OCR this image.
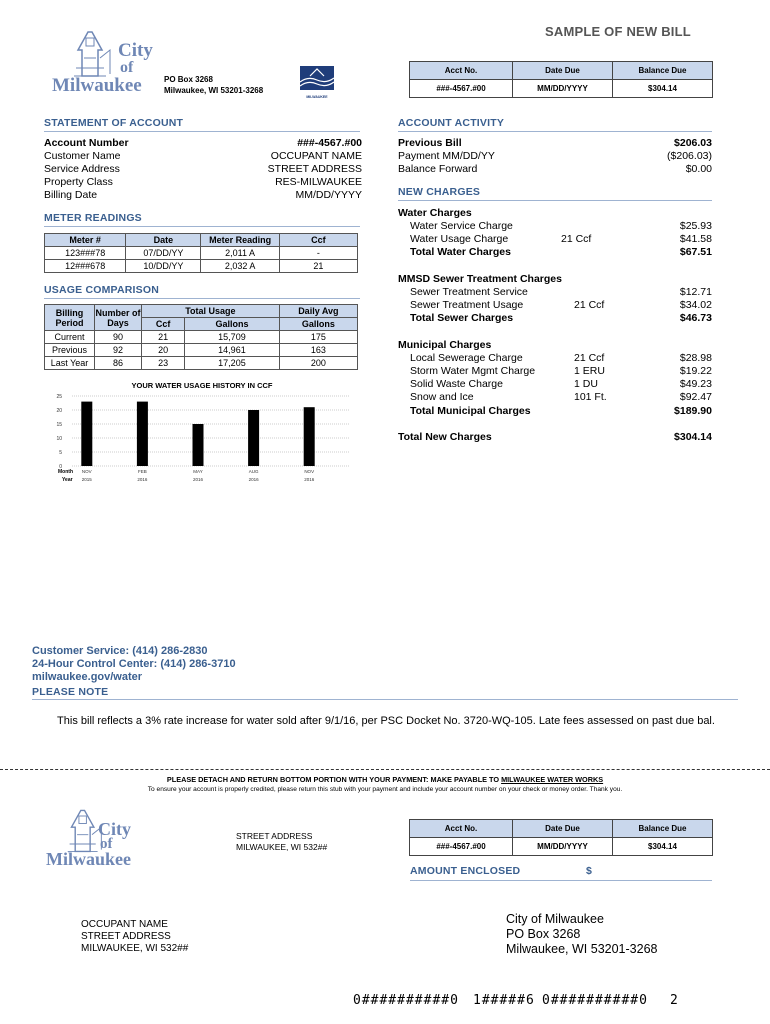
SAMPLE OF NEW BILL
City
of
Milwaukee	PO Box 3268
Milwaukee, WI 53201-3268
MILWAUKEE
Acct No.	Date Due	Balance Due
###-4567.#00	MM/DD/YYYY	$304.14
STATEMENT OF ACCOUNT
Account Number	###-4567.#00
Customer Name	OCCUPANT NAME
Service Address	STREET ADDRESS
Property Class	RES-MILWAUKEE
Billing Date	MM/DD/YYYY
METER READINGS
Meter #	Date	Meter Reading	Ccf
123###78	07/DD/YY	2,011 A	-
12###678	10/DD/YY	2,032 A	21
USAGE COMPARISON
Billing Period	Number of Days	Total Usage		Daily Avg
		Ccf	Gallons	Gallons
Current	90	21	15,709	175
Previous	92	20	14,961	163
Last Year	86	23	17,205	200
YOUR WATER USAGE HISTORY IN CCF
0
5
10
15
20
25
NOV
2015
FEB
2016
MAY
2016
AUG
2016
NOV
2016
Month
Year
ACCOUNT ACTIVITY
Previous Bill	$206.03
Payment MM/DD/YY	($206.03)
Balance Forward	$0.00
NEW CHARGES
Water Charges
Water Service Charge	$25.93
Water Usage Charge	21 Ccf	$41.58
Total Water Charges	$67.51
MMSD Sewer Treatment Charges
Sewer Treatment Service	$12.71
Sewer Treatment Usage	21 Ccf	$34.02
Total Sewer Charges	$46.73
Municipal Charges
Local Sewerage Charge	21 Ccf	$28.98
Storm Water Mgmt Charge	1 ERU	$19.22
Solid Waste Charge	1 DU	$49.23
Snow and Ice	101 Ft.	$92.47
Total Municipal Charges	$189.90
Total New Charges	$304.14
Customer Service: (414) 286-2830
24-Hour Control Center: (414) 286-3710
milwaukee.gov/water
PLEASE NOTE
This bill reflects a 3% rate increase for water sold after 9/1/16, per PSC Docket No. 3720-WQ-105. Late fees assessed on past due bal.
PLEASE DETACH AND RETURN BOTTOM PORTION WITH YOUR PAYMENT: MAKE PAYABLE TO MILWAUKEE WATER WORKS
To ensure your account is properly credited, please return this stub with your payment and include your account number on your check or money order. Thank you.
City
of
Milwaukee
STREET ADDRESS
MILWAUKEE, WI 532##
Acct No.	Date Due	Balance Due
###-4567.#00	MM/DD/YYYY	$304.14
AMOUNT ENCLOSED	$
OCCUPANT NAME
STREET ADDRESS
MILWAUKEE, WI 532##
City of Milwaukee
PO Box 3268
Milwaukee, WI 53201-3268
0##########0 1#####6 0##########0 2
